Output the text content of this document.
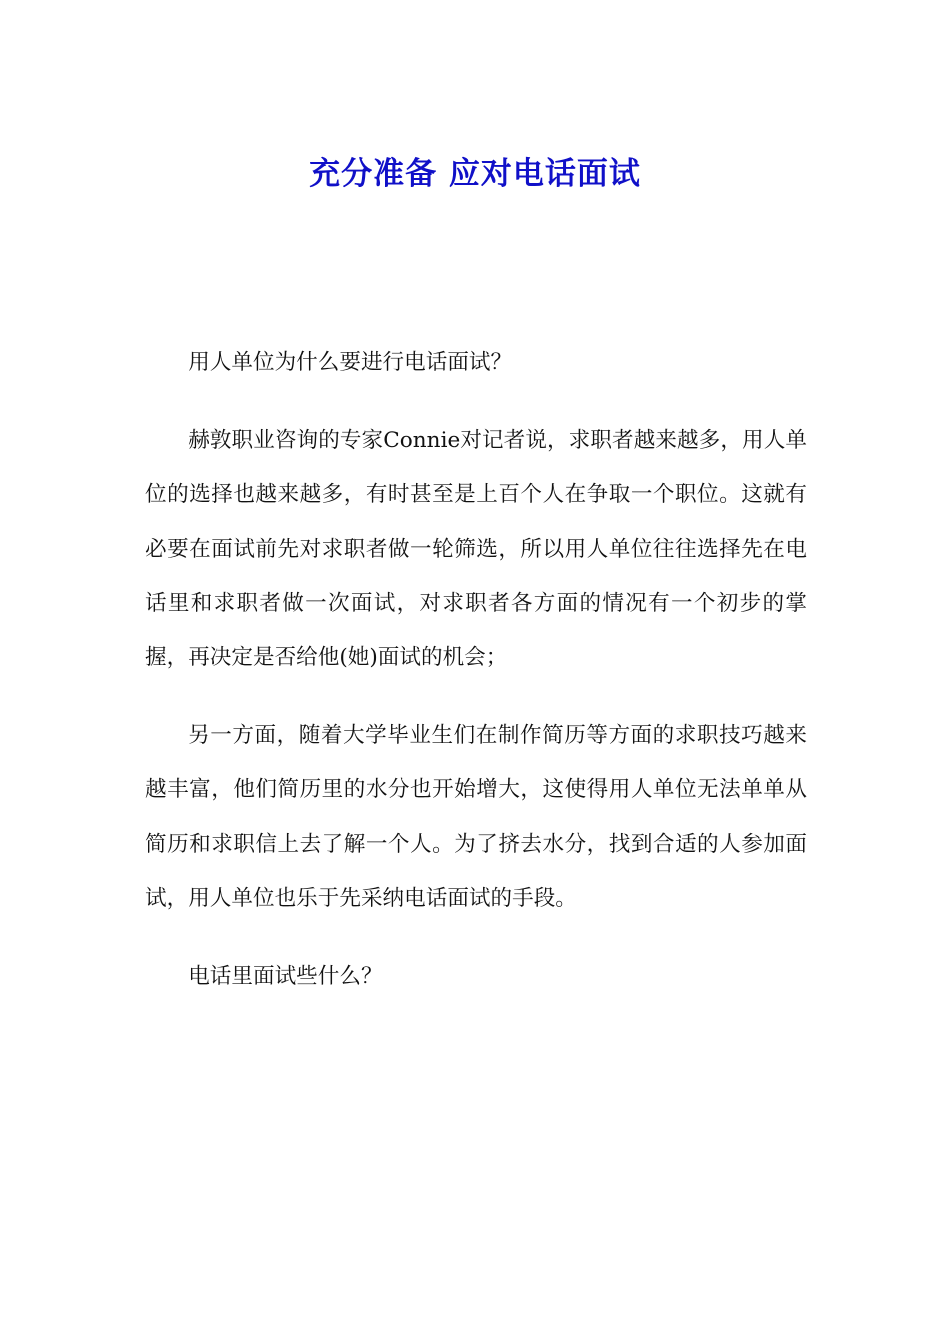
充分准备 应对电话面试

用人单位为什么要进行电话面试？

赫敦职业咨询的专家Connie对记者说，求职者越来越多，用人单位的选择也越来越多，有时甚至是上百个人在争取一个职位。这就有必要在面试前先对求职者做一轮筛选，所以用人单位往往选择先在电话里和求职者做一次面试，对求职者各方面的情况有一个初步的掌握，再决定是否给他(她)面试的机会；

另一方面，随着大学毕业生们在制作简历等方面的求职技巧越来越丰富，他们简历里的水分也开始增大，这使得用人单位无法单单从简历和求职信上去了解一个人。为了挤去水分，找到合适的人参加面试，用人单位也乐于先采纳电话面试的手段。

电话里面试些什么？
